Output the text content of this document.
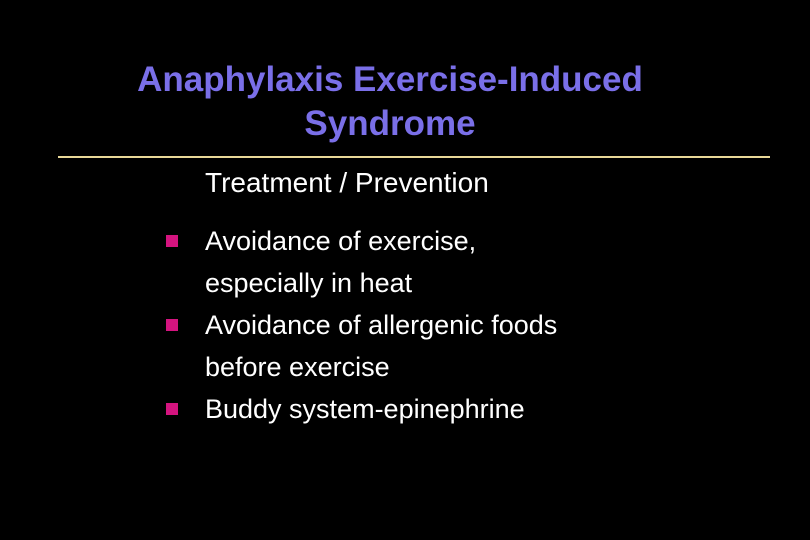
Anaphylaxis Exercise-Induced
Syndrome
Treatment / Prevention
Avoidance of exercise,
especially in heat
Avoidance of allergenic foods
before exercise
Buddy system-epinephrine
